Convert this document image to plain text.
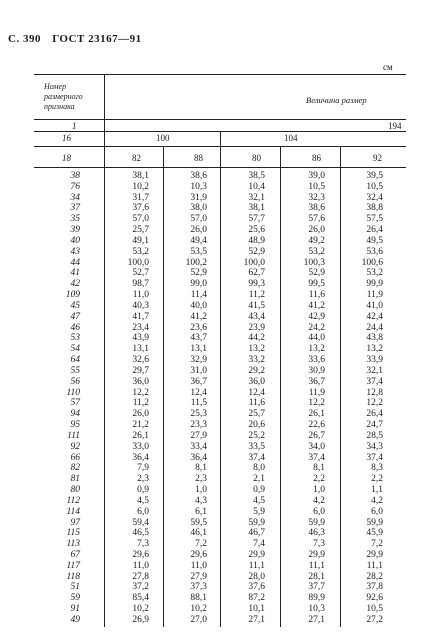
С. 390 ГОСТ 23167—91
см
Номер
размерного
признака
Величина размер
1	194
16	100	104
18	82	88	80	86	92
38	38,1	38,6	38,5	39,0	39,5
76	10,2	10,3	10,4	10,5	10,5
34	31,7	31,9	32,1	32,3	32,4
37	37,6	38,0	38,1	38,6	38,8
35	57,0	57,0	57,7	57,6	57,5
39	25,7	26,0	25,6	26,0	26,4
40	49,1	49,4	48,9	49,2	49,5
43	53,2	53,5	52,9	53,2	53,6
44	100,0	100,2	100,0	100,3	100,6
41	52,7	52,9	62,7	52,9	53,2
42	98,7	99,0	99,3	99,5	99,9
109	11,0	11,4	11,2	11,6	11,9
45	40,3	40,0	41,5	41,2	41,0
47	41,7	41,2	43,4	42,9	42,4
46	23,4	23,6	23,9	24,2	24,4
53	43,9	43,7	44,2	44,0	43,8
54	13,1	13,1	13,2	13,2	13,2
64	32,6	32,9	33,2	33,6	33,9
55	29,7	31,0	29,2	30,9	32,1
56	36,0	36,7	36,0	36,7	37,4
110	12,2	12,4	12,4	11,9	12,8
57	11,2	11,5	11,6	12,2	12,2
94	26,0	25,3	25,7	26,1	26,4
95	21,2	23,3	20,6	22,6	24,7
111	26,1	27,9	25,2	26,7	28,5
92	33,0	33,4	33,5	34,0	34,3
66	36,4	36,4	37,4	37,4	37,4
82	7,9	8,1	8,0	8,1	8,3
81	2,3	2,3	2,1	2,2	2,2
80	0,9	1,0	0,9	1,0	1,1
112	4,5	4,3	4,5	4,2	4,2
114	6,0	6,1	5,9	6,0	6,0
97	59,4	59,5	59,9	59,9	59,9
115	46,5	46,1	46,7	46,3	45,9
113	7,3	7,2	7,4	7,3	7,2
67	29,6	29,6	29,9	29,9	29,9
117	11,0	11,0	11,1	11,1	11,1
118	27,8	27,9	28,0	28,1	28,2
51	37,2	37,3	37,6	37,7	37,8
59	85,4	88,1	87,2	89,9	92,6
91	10,2	10,2	10,1	10,3	10,5
49	26,9	27,0	27,1	27,1	27,2
